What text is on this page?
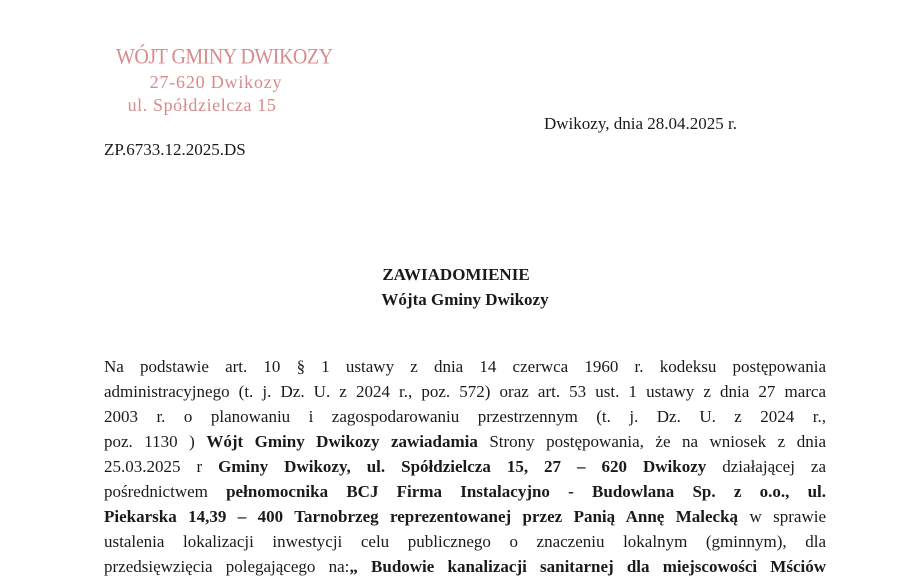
WÓJT GMINY DWIKOZY
27-620 Dwikozy
ul. Spółdzielcza 15
Dwikozy, dnia 28.04.2025 r.
ZP.6733.12.2025.DS
ZAWIADOMIENIE
Wójta Gminy Dwikozy
Na podstawie art. 10 § 1 ustawy z dnia 14 czerwca 1960 r. kodeksu postępowania
administracyjnego (t. j. Dz. U. z 2024 r., poz. 572) oraz art. 53 ust. 1 ustawy z dnia 27 marca
2003 r. o planowaniu i zagospodarowaniu przestrzennym (t. j. Dz. U. z 2024 r.,
poz. 1130 ) Wójt Gminy Dwikozy zawiadamia Strony postępowania, że na wniosek z dnia
25.03.2025 r Gminy Dwikozy, ul. Spółdzielcza 15, 27 – 620 Dwikozy działającej za
pośrednictwem pełnomocnika BCJ Firma Instalacyjno - Budowlana Sp. z o.o., ul.
Piekarska 14,39 – 400 Tarnobrzeg reprezentowanej przez Panią Annę Malecką w sprawie
ustalenia lokalizacji inwestycji celu publicznego o znaczeniu lokalnym (gminnym), dla
przedsięwzięcia polegającego na:„ Budowie kanalizacji sanitarnej dla miejscowości Mściów
